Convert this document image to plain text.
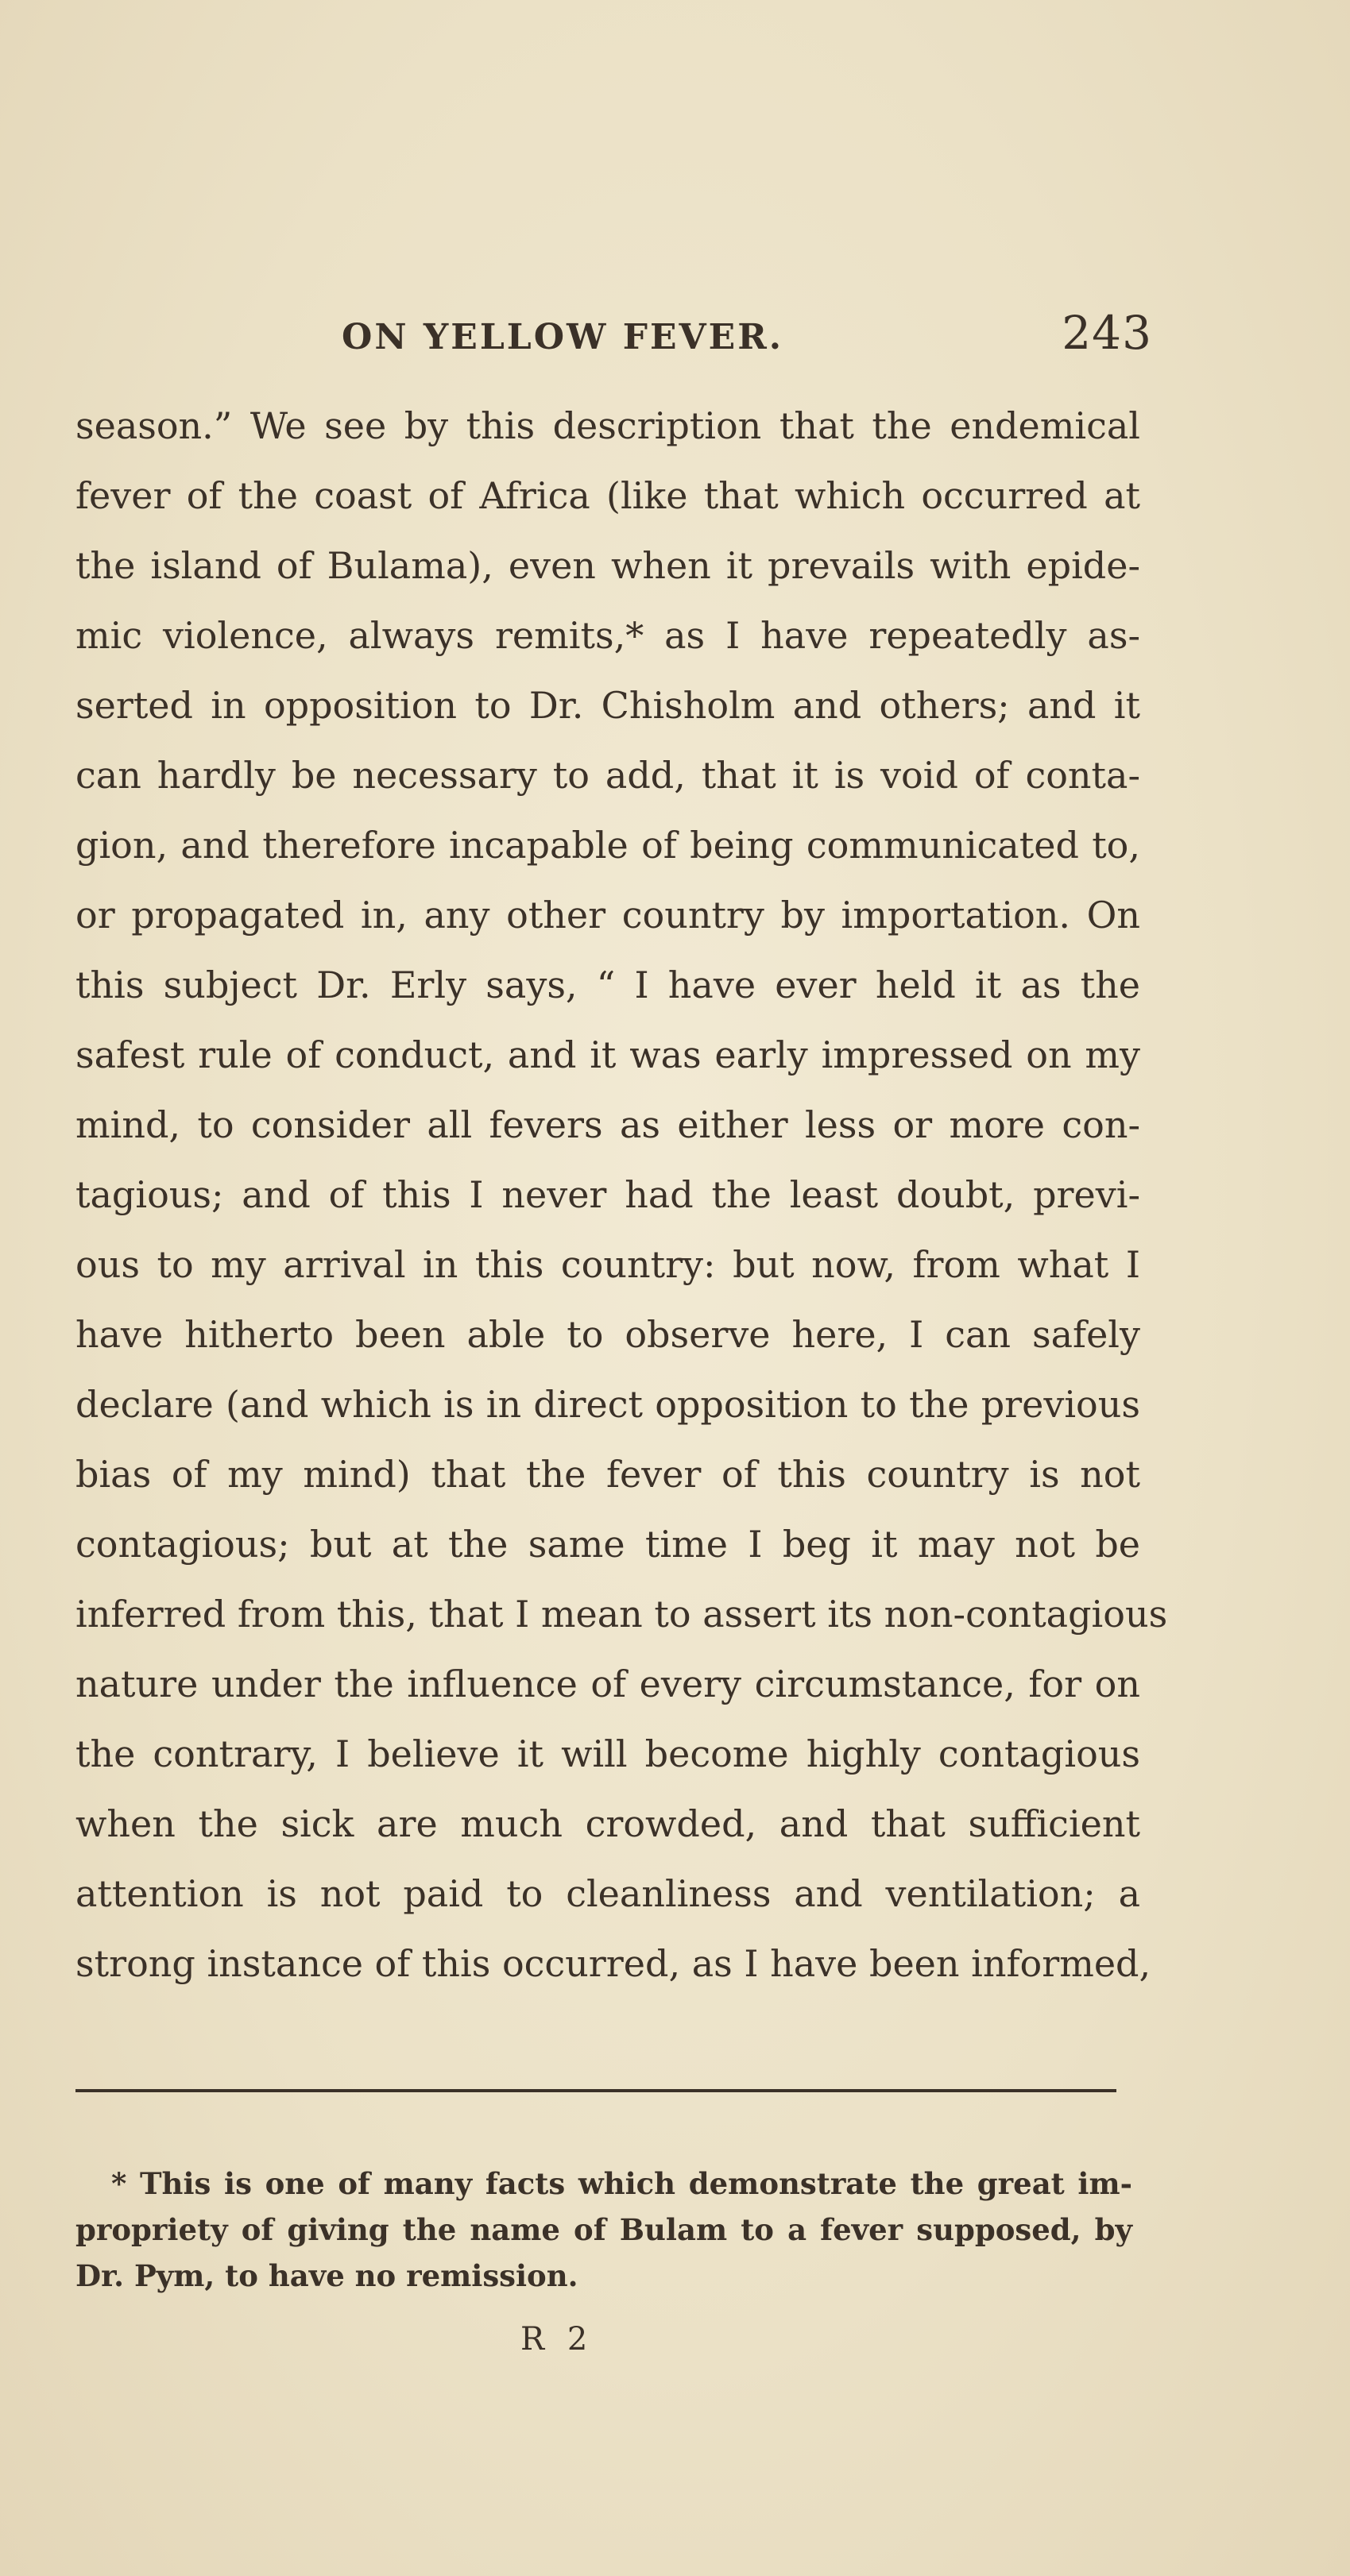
ON YELLOW FEVER.	243
season.” We see by this description that the endemical
fever of the coast of Africa (like that which occurred at
the island of Bulama), even when it prevails with epide-
mic violence, always remits,* as I have repeatedly as-
serted in opposition to Dr. Chisholm and others; and it
can hardly be necessary to add, that it is void of conta-
gion, and therefore incapable of being communicated to,
or propagated in, any other country by importation. On
this subject Dr. Erly says, “ I have ever held it as the
safest rule of conduct, and it was early impressed on my
mind, to consider all fevers as either less or more con-
tagious; and of this I never had the least doubt, previ-
ous to my arrival in this country: but now, from what I
have hitherto been able to observe here, I can safely
declare (and which is in direct opposition to the previous
bias of my mind) that the fever of this country is not
contagious; but at the same time I beg it may not be
inferred from this, that I mean to assert its non-contagious
nature under the influence of every circumstance, for on
the contrary, I believe it will become highly contagious
when the sick are much crowded, and that sufficient
attention is not paid to cleanliness and ventilation; a
strong instance of this occurred, as I have been informed,
* This is one of many facts which demonstrate the great im-
propriety of giving the name of Bulam to a fever supposed, by
Dr. Pym, to have no remission.
R 2
